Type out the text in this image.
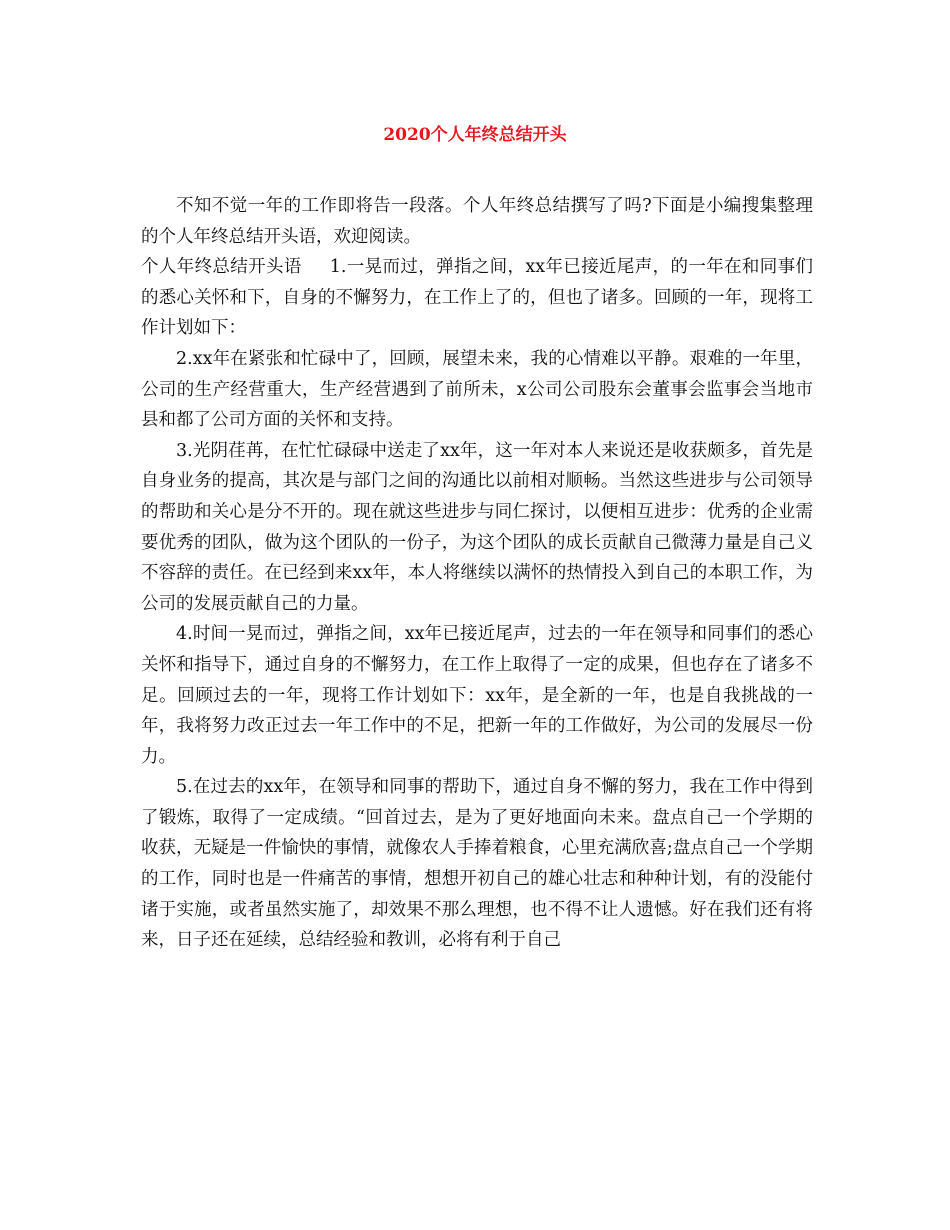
2020个人年终总结开头

不知不觉一年的工作即将告一段落。个人年终总结撰写了吗?下面是小编搜集整理的个人年终总结开头语，欢迎阅读。

个人年终总结开头语 1.一晃而过，弹指之间，xx年已接近尾声，的一年在和同事们的悉心关怀和下，自身的不懈努力，在工作上了的，但也了诸多。回顾的一年，现将工作计划如下：

2.xx年在紧张和忙碌中了，回顾，展望未来，我的心情难以平静。艰难的一年里，公司的生产经营重大，生产经营遇到了前所未，x公司公司股东会董事会监事会当地市县和都了公司方面的关怀和支持。

3.光阴荏苒，在忙忙碌碌中送走了xx年，这一年对本人来说还是收获颇多，首先是自身业务的提高，其次是与部门之间的沟通比以前相对顺畅。当然这些进步与公司领导的帮助和关心是分不开的。现在就这些进步与同仁探讨，以便相互进步：优秀的企业需要优秀的团队，做为这个团队的一份子，为这个团队的成长贡献自己微薄力量是自己义不容辞的责任。在已经到来xx年，本人将继续以满怀的热情投入到自己的本职工作，为公司的发展贡献自己的力量。

4.时间一晃而过，弹指之间，xx年已接近尾声，过去的一年在领导和同事们的悉心关怀和指导下，通过自身的不懈努力，在工作上取得了一定的成果，但也存在了诸多不足。回顾过去的一年，现将工作计划如下：xx年，是全新的一年，也是自我挑战的一年，我将努力改正过去一年工作中的不足，把新一年的工作做好，为公司的发展尽一份力。

5.在过去的xx年，在领导和同事的帮助下，通过自身不懈的努力，我在工作中得到了锻炼，取得了一定成绩。“回首过去，是为了更好地面向未来。盘点自己一个学期的收获，无疑是一件愉快的事情，就像农人手捧着粮食，心里充满欣喜;盘点自己一个学期的工作，同时也是一件痛苦的事情，想想开初自己的雄心壮志和种种计划，有的没能付诸于实施，或者虽然实施了，却效果不那么理想，也不得不让人遗憾。好在我们还有将来，日子还在延续，总结经验和教训，必将有利于自己
